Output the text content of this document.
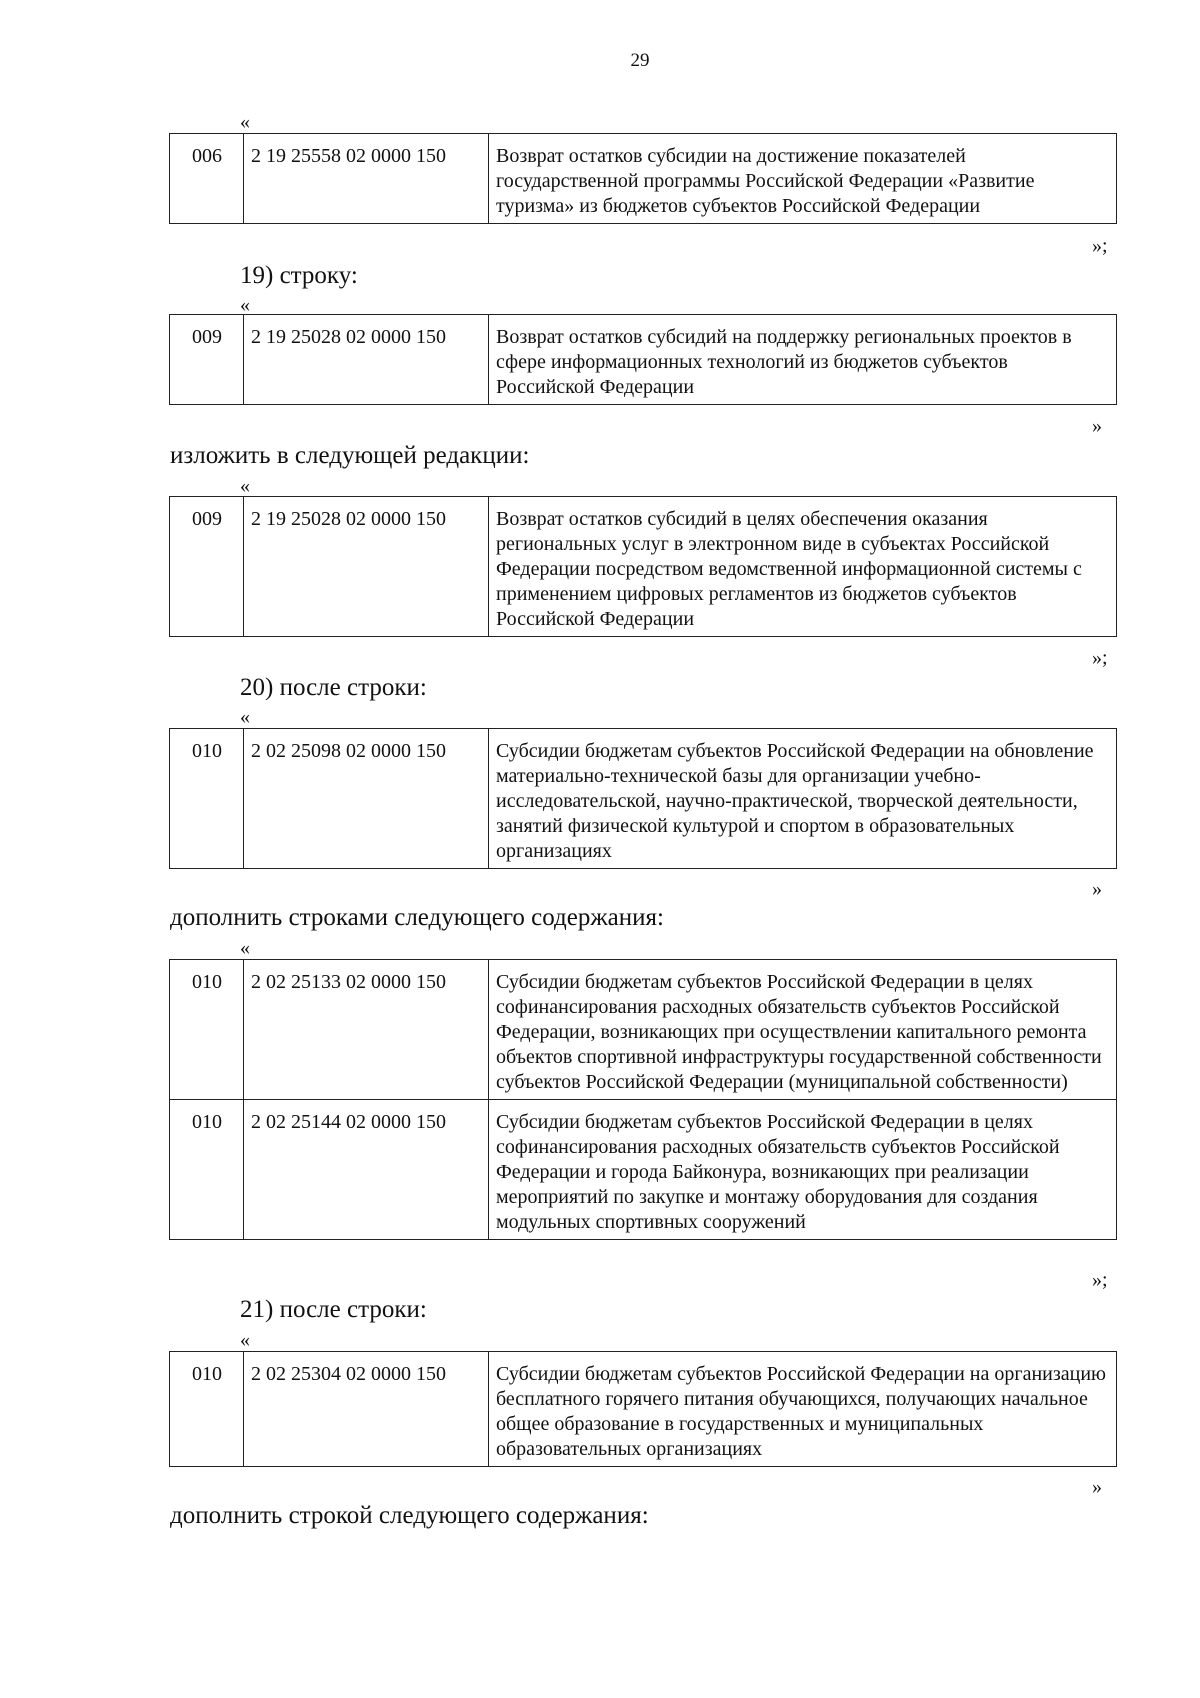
29
«
006	2 19 25558 02 0000 150	Возврат остатков субсидии на достижение показателей государственной программы Российской Федерации «Развитие туризма» из бюджетов субъектов Российской Федерации
»;
19) строку:
«
009	2 19 25028 02 0000 150	Возврат остатков субсидий на поддержку региональных проектов в сфере информационных технологий из бюджетов субъектов Российской Федерации
»
изложить в следующей редакции:
«
009	2 19 25028 02 0000 150	Возврат остатков субсидий в целях обеспечения оказания региональных услуг в электронном виде в субъектах Российской Федерации посредством ведомственной информационной системы с применением цифровых регламентов из бюджетов субъектов Российской Федерации
»;
20) после строки:
«
010	2 02 25098 02 0000 150	Субсидии бюджетам субъектов Российской Федерации на обновление материально-технической базы для организации учебно-исследовательской, научно-практической, творческой деятельности, занятий физической культурой и спортом в образовательных организациях
»
дополнить строками следующего содержания:
«
010	2 02 25133 02 0000 150	Субсидии бюджетам субъектов Российской Федерации в целях софинансирования расходных обязательств субъектов Российской Федерации, возникающих при осуществлении капитального ремонта объектов спортивной инфраструктуры государственной собственности субъектов Российской Федерации (муниципальной собственности)
010	2 02 25144 02 0000 150	Субсидии бюджетам субъектов Российской Федерации в целях софинансирования расходных обязательств субъектов Российской Федерации и города Байконура, возникающих при реализации мероприятий по закупке и монтажу оборудования для создания модульных спортивных сооружений
»;
21) после строки:
«
010	2 02 25304 02 0000 150	Субсидии бюджетам субъектов Российской Федерации на организацию бесплатного горячего питания обучающихся, получающих начальное общее образование в государственных и муниципальных образовательных организациях
»
дополнить строкой следующего содержания:
